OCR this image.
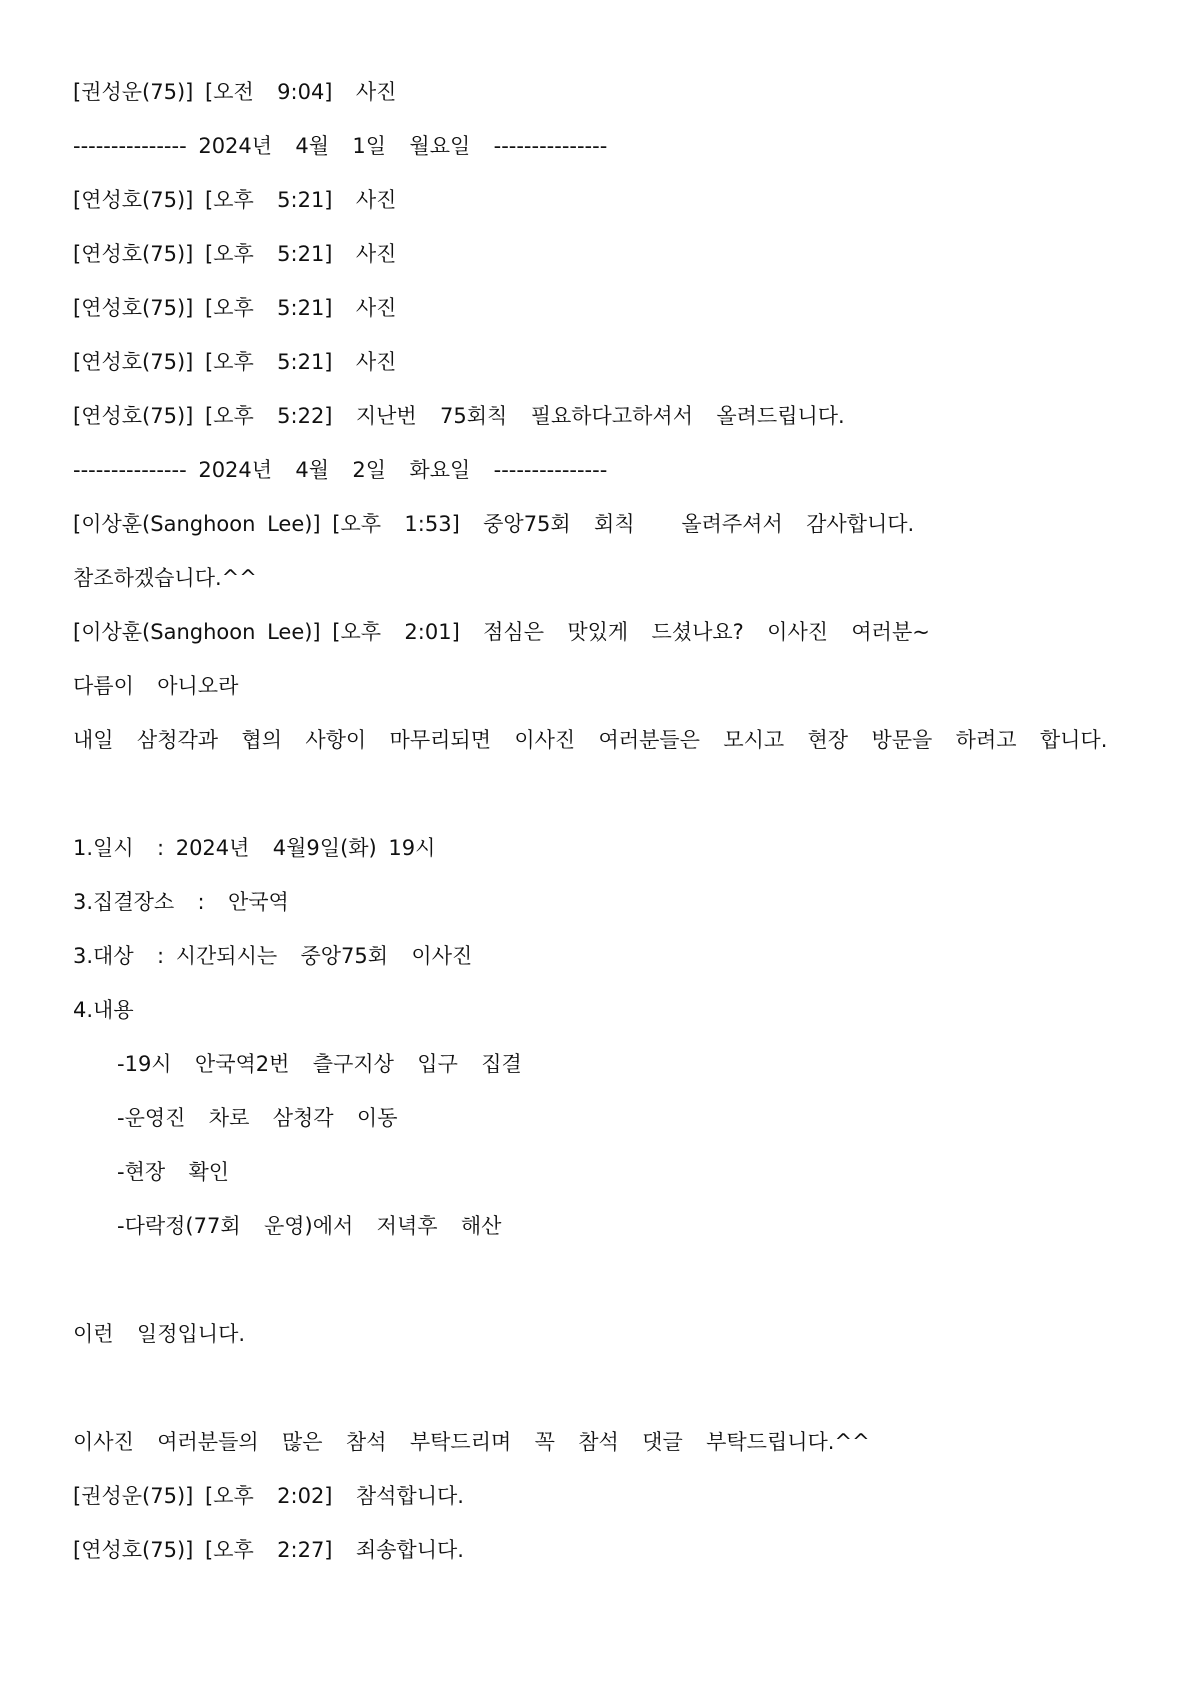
[권성운(75)] [오전  9:04]  사진
--------------- 2024년  4월  1일  월요일  ---------------
[연성호(75)] [오후  5:21]  사진
[연성호(75)] [오후  5:21]  사진
[연성호(75)] [오후  5:21]  사진
[연성호(75)] [오후  5:21]  사진
[연성호(75)] [오후  5:22]  지난번  75회칙  필요하다고하셔서  올려드립니다.
--------------- 2024년  4월  2일  화요일  ---------------
[이상훈(Sanghoon Lee)] [오후  1:53]  중앙75회  회칙    올려주셔서  감사합니다.
참조하겠습니다.^^
[이상훈(Sanghoon Lee)] [오후  2:01]  점심은  맛있게  드셨나요?  이사진  여러분~
다름이  아니오라
내일  삼청각과  협의  사항이  마무리되면  이사진  여러분들은  모시고  현장  방문을  하려고  합니다.
1.일시  : 2024년  4월9일(화) 19시
3.집결장소  :  안국역
3.대상  : 시간되시는  중앙75회  이사진
4.내용
-19시  안국역2번  츨구지상  입구  집결
-운영진  차로  삼청각  이동
-현장  확인
-다락정(77회  운영)에서  저녁후  해산
이런  일정입니다.
이사진  여러분들의  많은  참석  부탁드리며  꼭  참석  댓글  부탁드립니다.^^
[권성운(75)] [오후  2:02]  참석합니다.
[연성호(75)] [오후  2:27]  죄송합니다.
